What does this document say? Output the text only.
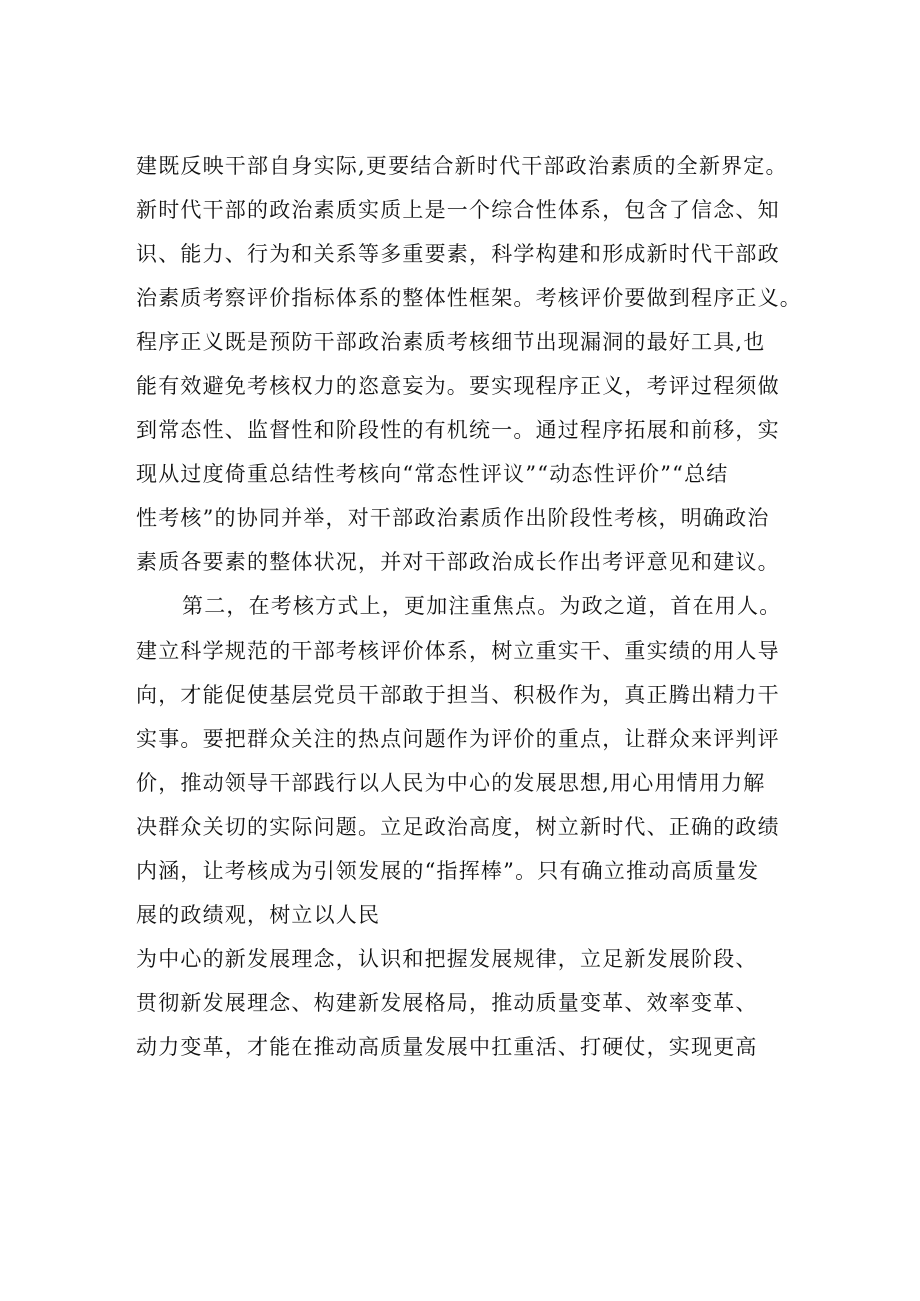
建既反映干部自身实际,更要结合新时代干部政治素质的全新界定。
新时代干部的政治素质实质上是一个综合性体系，包含了信念、知
识、能力、行为和关系等多重要素，科学构建和形成新时代干部政
治素质考察评价指标体系的整体性框架。考核评价要做到程序正义。
程序正义既是预防干部政治素质考核细节出现漏洞的最好工具,也
能有效避免考核权力的恣意妄为。要实现程序正义，考评过程须做
到常态性、监督性和阶段性的有机统一。通过程序拓展和前移，实
现从过度倚重总结性考核向“常态性评议”“动态性评价”“总结
性考核”的协同并举，对干部政治素质作出阶段性考核，明确政治
素质各要素的整体状况，并对干部政治成长作出考评意见和建议。
第二，在考核方式上，更加注重焦点。为政之道，首在用人。
建立科学规范的干部考核评价体系，树立重实干、重实绩的用人导
向，才能促使基层党员干部敢于担当、积极作为，真正腾出精力干
实事。要把群众关注的热点问题作为评价的重点，让群众来评判评
价，推动领导干部践行以人民为中心的发展思想,用心用情用力解
决群众关切的实际问题。立足政治高度，树立新时代、正确的政绩
内涵，让考核成为引领发展的“指挥棒”。只有确立推动高质量发
展的政绩观，树立以人民
为中心的新发展理念，认识和把握发展规律，立足新发展阶段、
贯彻新发展理念、构建新发展格局，推动质量变革、效率变革、
动力变革，才能在推动高质量发展中扛重活、打硬仗，实现更高
